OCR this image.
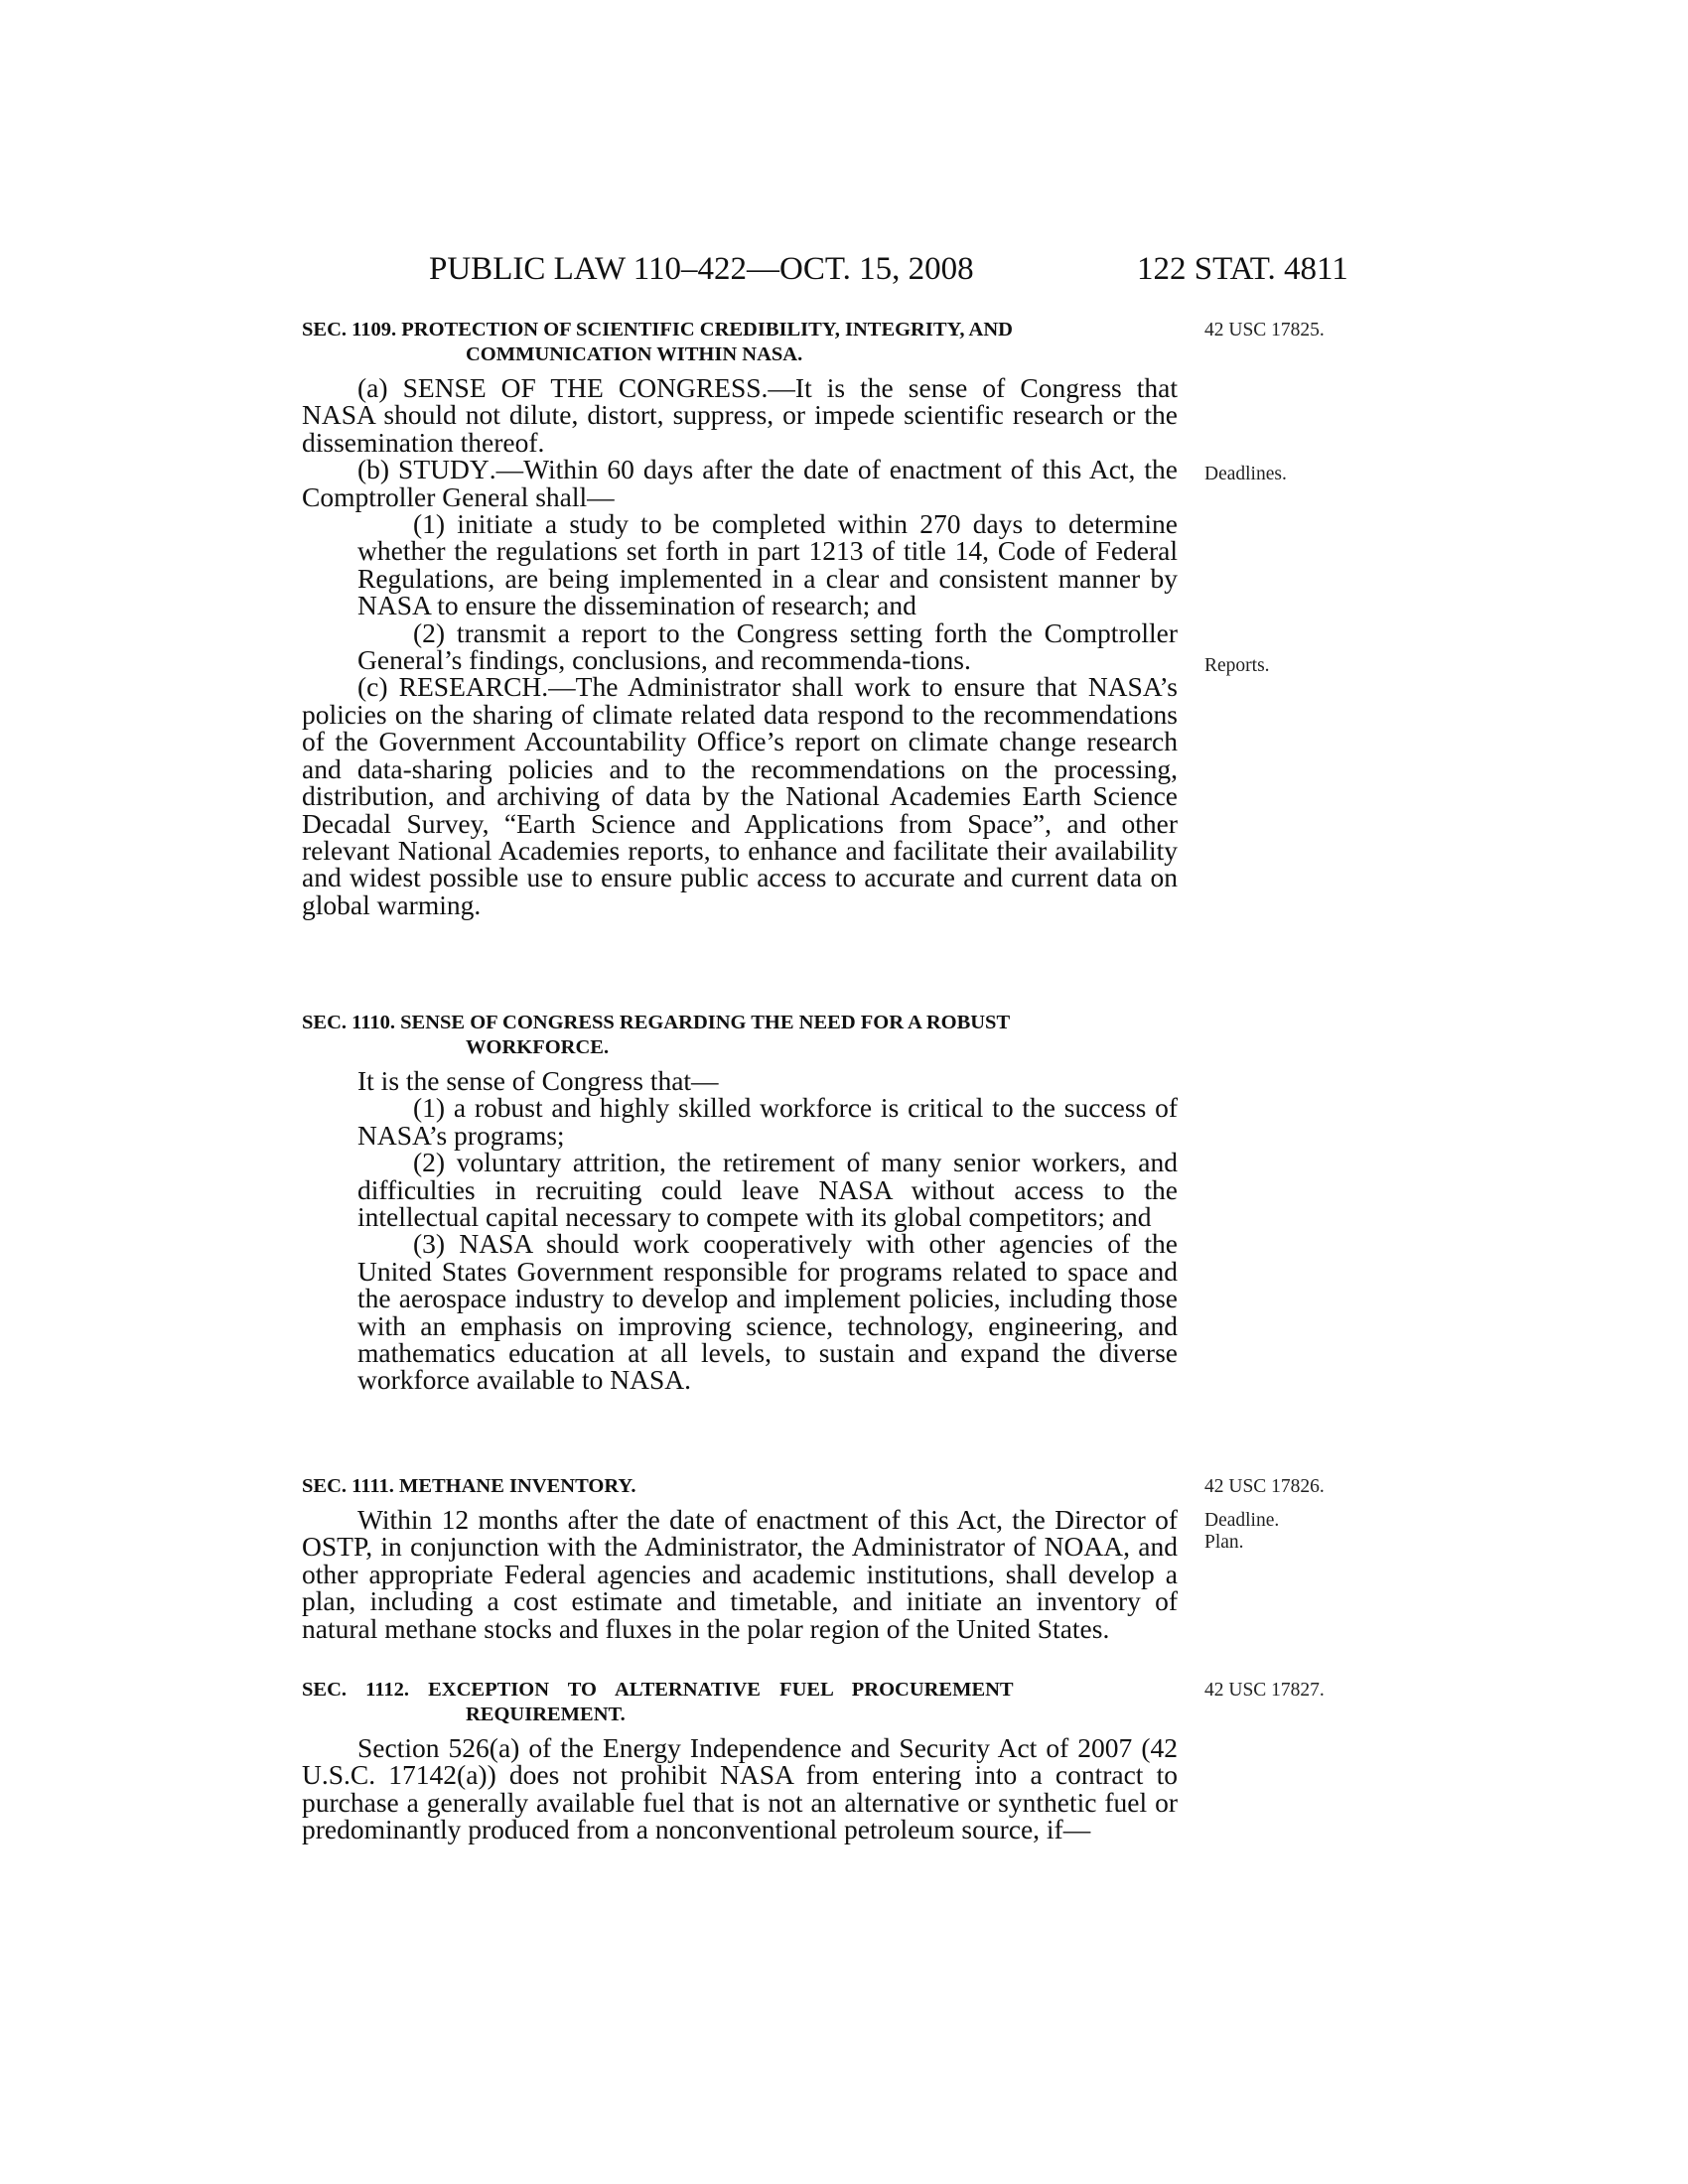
PUBLIC LAW 110–422—OCT. 15, 2008	122 STAT. 4811
SEC. 1109. PROTECTION OF SCIENTIFIC CREDIBILITY, INTEGRITY, AND
COMMUNICATION WITHIN NASA.
42 USC 17825.

(a) SENSE OF THE CONGRESS.—It is the sense of Congress that NASA should not dilute, distort, suppress, or impede scientific research or the dissemination thereof.

(b) STUDY.—Within 60 days after the date of enactment of this Act, the Comptroller General shall—

(1) initiate a study to be completed within 270 days to determine whether the regulations set forth in part 1213 of title 14, Code of Federal Regulations, are being implemented in a clear and consistent manner by NASA to ensure the dissemination of research; and

(2) transmit a report to the Congress setting forth the Comptroller General’s findings, conclusions, and recommenda-tions.

(c) RESEARCH.—The Administrator shall work to ensure that NASA’s policies on the sharing of climate related data respond to the recommendations of the Government Accountability Office’s report on climate change research and data-sharing policies and to the recommendations on the processing, distribution, and archiving of data by the National Academies Earth Science Decadal Survey, “Earth Science and Applications from Space”, and other relevant National Academies reports, to enhance and facilitate their availability and widest possible use to ensure public access to accurate and current data on global warming.

Deadlines.
Reports.
SEC. 1110. SENSE OF CONGRESS REGARDING THE NEED FOR A ROBUST
WORKFORCE.

It is the sense of Congress that—

(1) a robust and highly skilled workforce is critical to the success of NASA’s programs;

(2) voluntary attrition, the retirement of many senior workers, and difficulties in recruiting could leave NASA without access to the intellectual capital necessary to compete with its global competitors; and

(3) NASA should work cooperatively with other agencies of the United States Government responsible for programs related to space and the aerospace industry to develop and implement policies, including those with an emphasis on improving science, technology, engineering, and mathematics education at all levels, to sustain and expand the diverse workforce available to NASA.

SEC. 1111. METHANE INVENTORY.	42 USC 17826.

Within 12 months after the date of enactment of this Act, the Director of OSTP, in conjunction with the Administrator, the Administrator of NOAA, and other appropriate Federal agencies and academic institutions, shall develop a plan, including a cost estimate and timetable, and initiate an inventory of natural methane stocks and fluxes in the polar region of the United States.

Deadline.
Plan.
SEC. 1112. EXCEPTION TO ALTERNATIVE FUEL PROCUREMENT
REQUIREMENT.
42 USC 17827.

Section 526(a) of the Energy Independence and Security Act of 2007 (42 U.S.C. 17142(a)) does not prohibit NASA from entering into a contract to purchase a generally available fuel that is not an alternative or synthetic fuel or predominantly produced from a nonconventional petroleum source, if—
